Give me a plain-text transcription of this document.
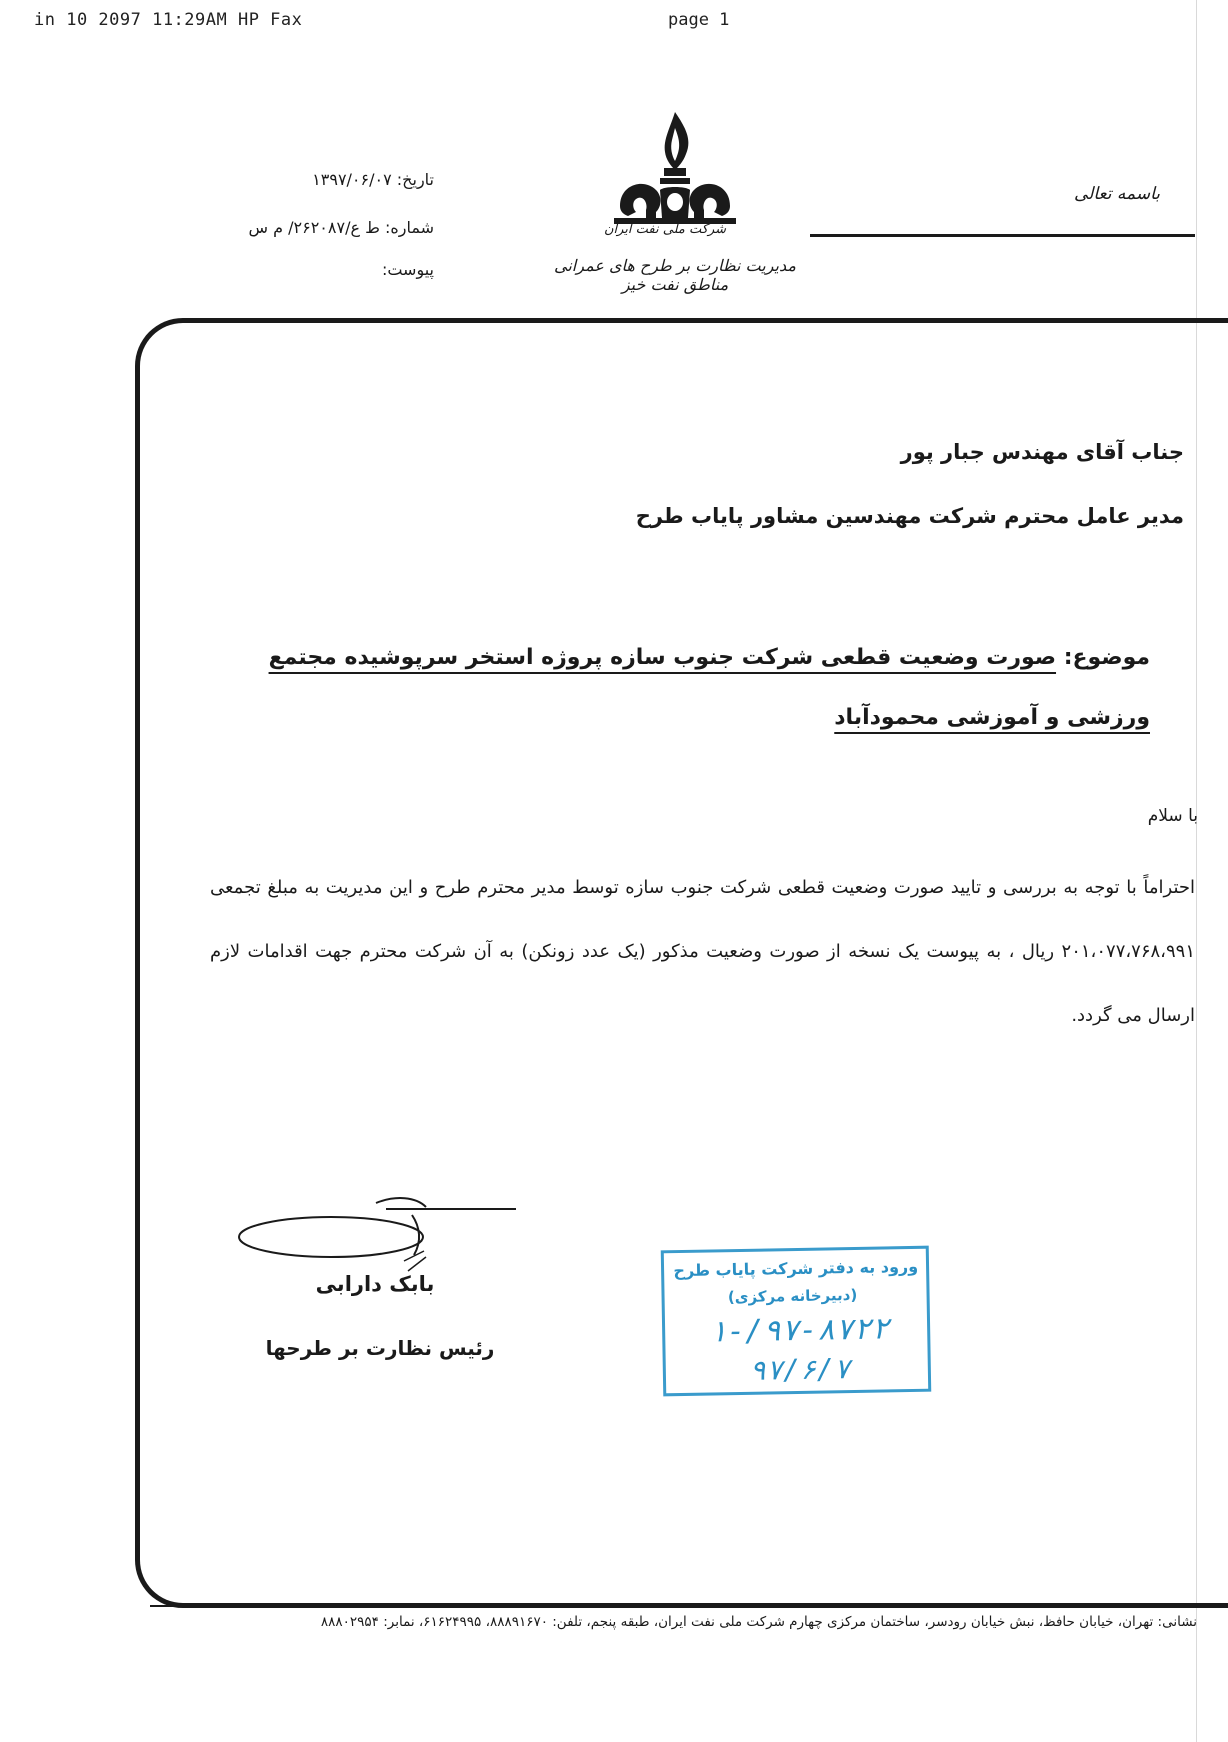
in 10 2097 11:29AM HP Fax	page 1
شرکت ملی نفت ایران
مدیریت نظارت بر طرح های عمرانی مناطق نفت خیز
باسمه تعالی
تاریخ: ۱۳۹۷/۰۶/۰۷
شماره: ط ع/۲۶۲۰۸۷/ م س
پیوست:
جناب آقای مهندس جبار پور
مدیر عامل محترم شرکت مهندسین مشاور پایاب طرح
موضوع: صورت وضعیت قطعی شرکت جنوب سازه پروژه استخر سرپوشیده مجتمع ورزشی و آموزشی محمودآباد
با سلام
احتراماً با توجه به بررسی و تایید صورت وضعیت قطعی شرکت جنوب سازه توسط مدیر محترم طرح و این مدیریت به مبلغ تجمعی ۲۰۱،۰۷۷،۷۶۸،۹۹۱ ریال ، به پیوست یک نسخه از صورت وضعیت مذکور (یک عدد زونکن) به آن شرکت محترم جهت اقدامات لازم ارسال می گردد.
بابک دارابی
رئیس نظارت بر طرحها
ورود به دفتر شرکت پایاب طرح
(دبیرخانه مرکزی)
۱-/۹۷-۸۷۲۲
۹۷/۶/۷
نشانی: تهران، خیابان حافظ، نبش خیابان رودسر، ساختمان مرکزی چهارم شرکت ملی نفت ایران، طبقه پنجم، تلفن: ۸۸۸۹۱۶۷۰، ۶۱۶۲۴۹۹۵، نمابر: ۸۸۸۰۲۹۵۴
